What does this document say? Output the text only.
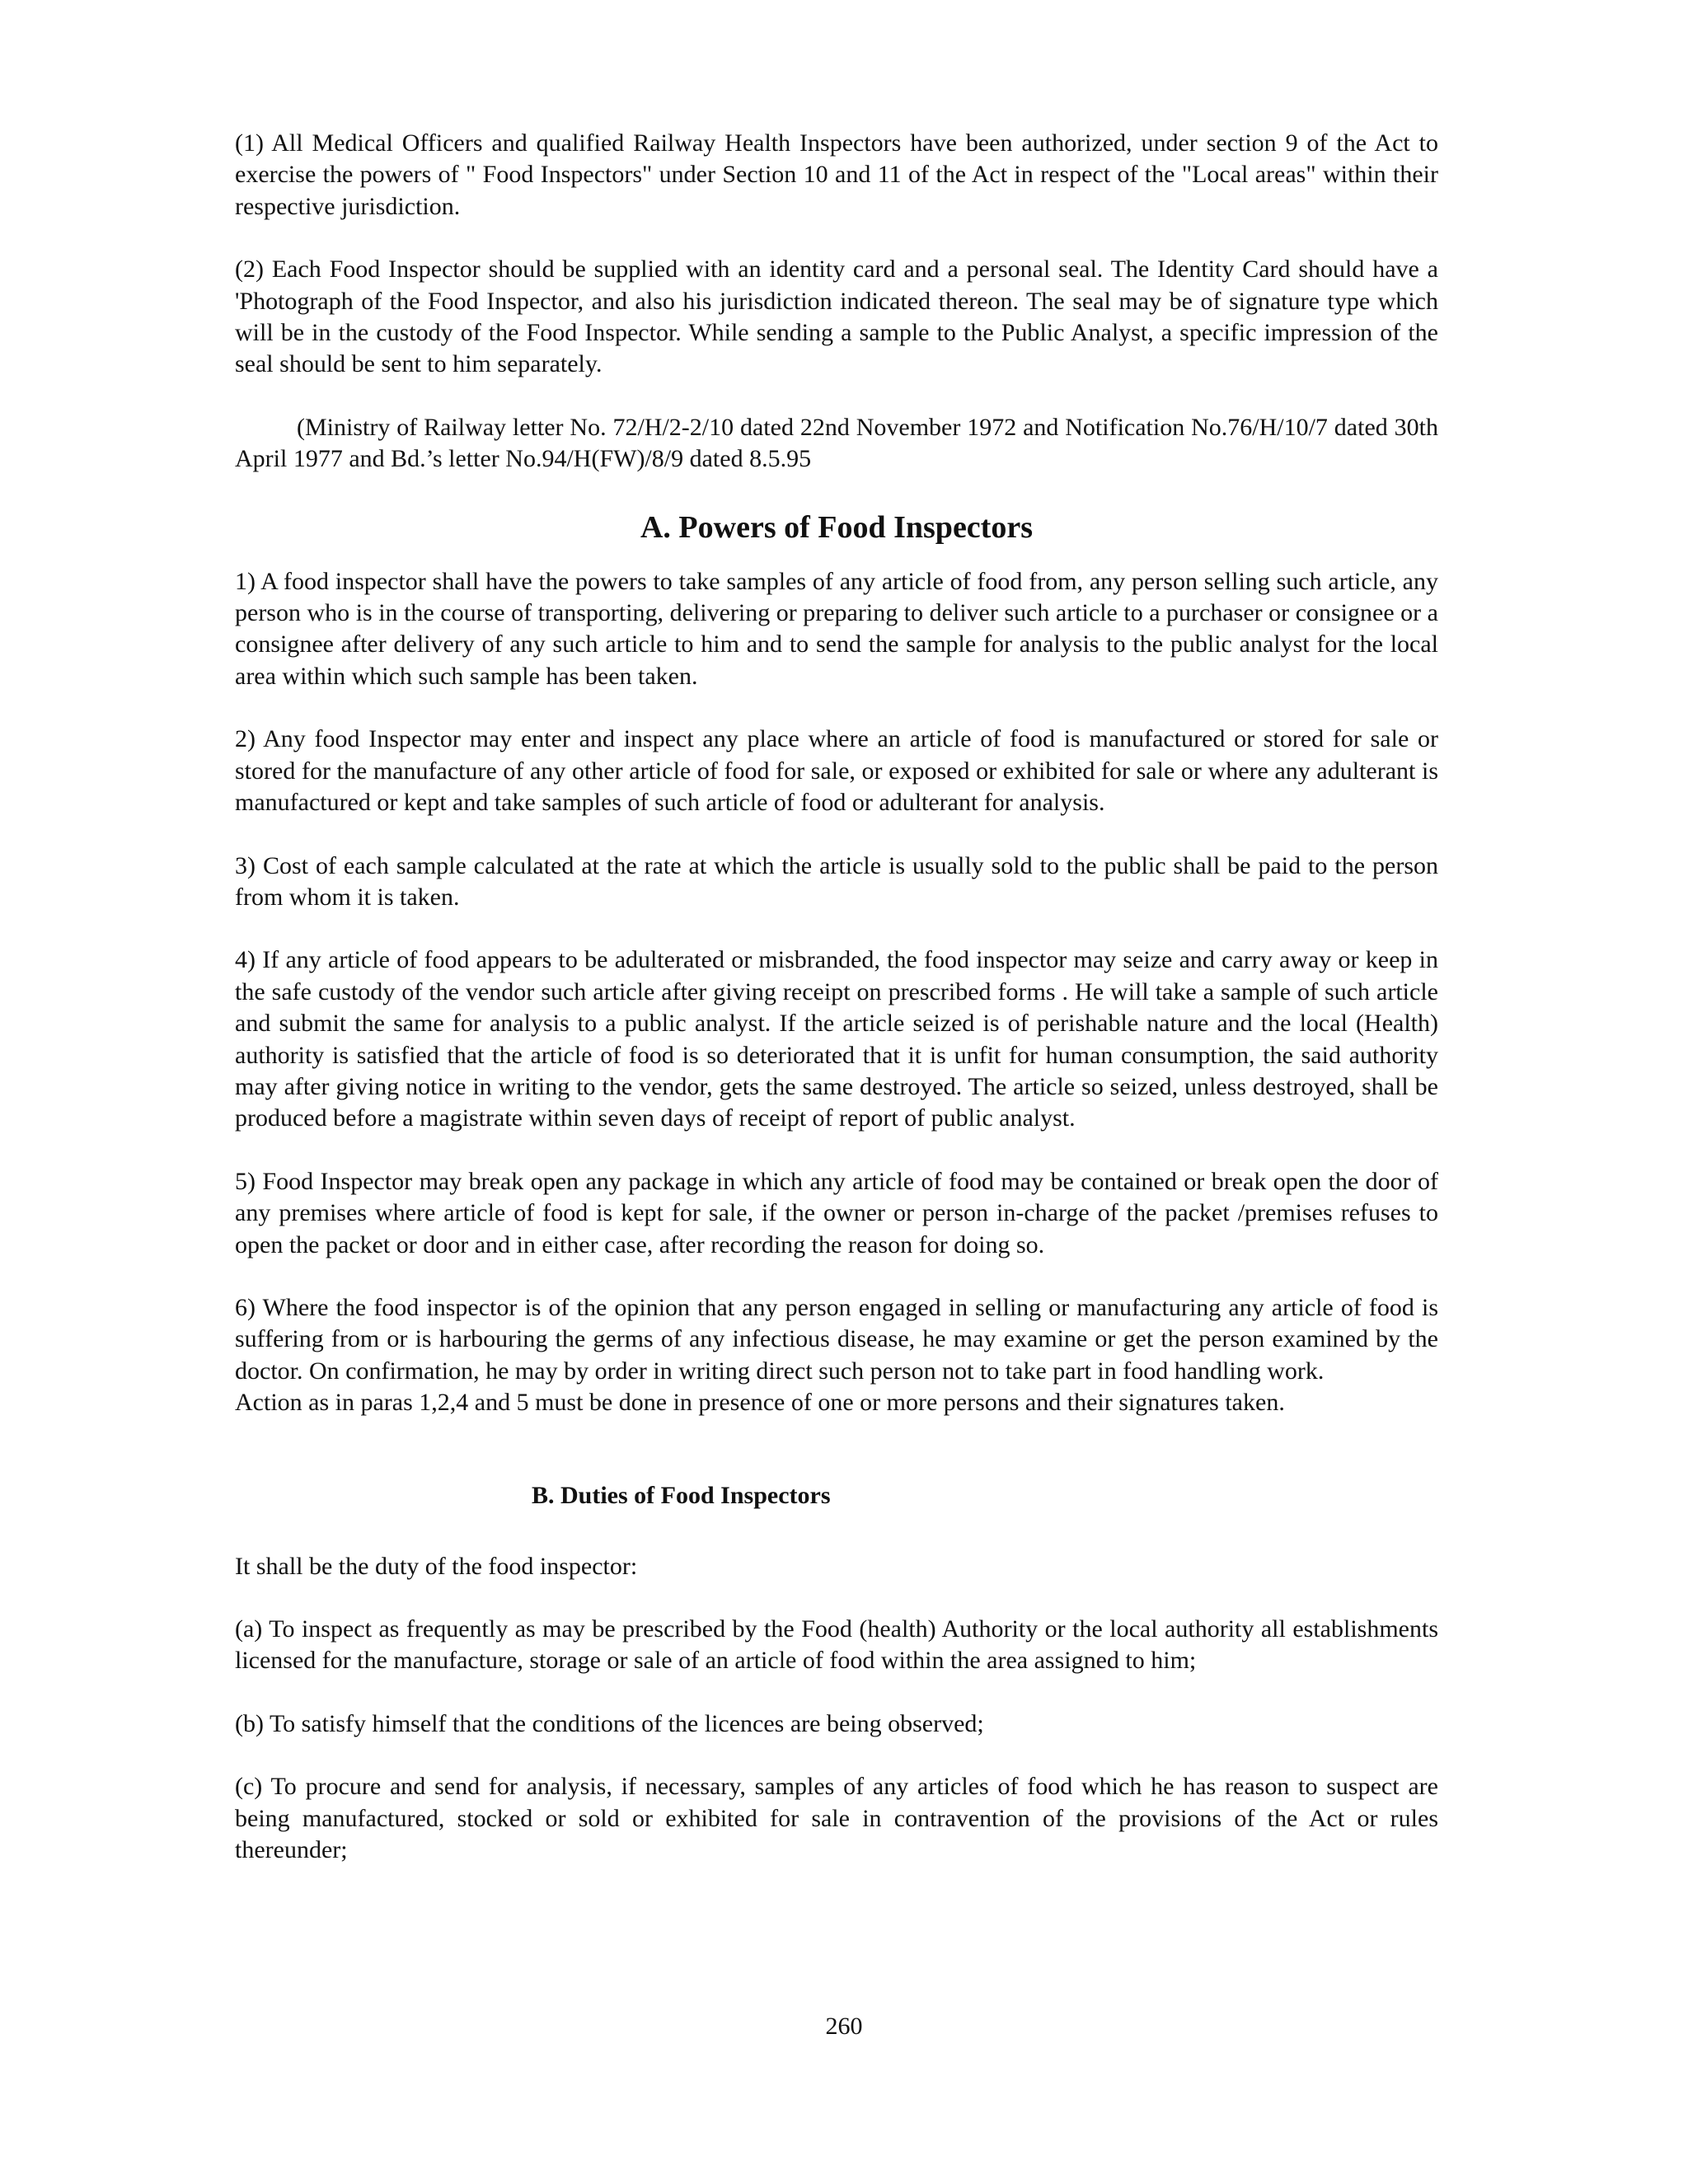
(1) All Medical Officers and qualified Railway Health Inspectors have been authorized, under section 9 of the Act to exercise the powers of " Food Inspectors" under Section 10 and 11 of the Act in respect of the "Local areas" within their respective jurisdiction.

(2) Each Food Inspector should be supplied with an identity card and a personal seal. The Identity Card should have a 'Photograph of the Food Inspector, and also his jurisdiction indicated thereon. The seal may be of signature type which will be in the custody of the Food Inspector. While sending a sample to the Public Analyst, a specific impression of the seal should be sent to him separately.

(Ministry of Railway letter No. 72/H/2-2/10 dated 22nd November 1972 and Notification No.76/H/10/7 dated 30th April 1977 and Bd.’s letter No.94/H(FW)/8/9 dated 8.5.95

A. Powers of Food Inspectors

1) A food inspector shall have the powers to take samples of any article of food from, any person selling such article, any person who is in the course of transporting, delivering or preparing to deliver such article to a purchaser or consignee or a consignee after delivery of any such article to him and to send the sample for analysis to the public analyst for the local area within which such sample has been taken.

2) Any food Inspector may enter and inspect any place where an article of food is manufactured or stored for sale or stored for the manufacture of any other article of food for sale, or exposed or exhibited for sale or where any adulterant is manufactured or kept and take samples of such article of food or adulterant for analysis.

3) Cost of each sample calculated at the rate at which the article is usually sold to the public shall be paid to the person from whom it is taken.

4) If any article of food appears to be adulterated or misbranded, the food inspector may seize and carry away or keep in the safe custody of the vendor such article after giving receipt on prescribed forms . He will take a sample of such article and submit the same for analysis to a public analyst. If the article seized is of perishable nature and the local (Health) authority is satisfied that the article of food is so deteriorated that it is unfit for human consumption, the said authority may after giving notice in writing to the vendor, gets the same destroyed. The article so seized, unless destroyed, shall be produced before a magistrate within seven days of receipt of report of public analyst.

5) Food Inspector may break open any package in which any article of food may be contained or break open the door of any premises where article of food is kept for sale, if the owner or person in-charge of the packet /premises refuses to open the packet or door and in either case, after recording the reason for doing so.

6) Where the food inspector is of the opinion that any person engaged in selling or manufacturing any article of food is suffering from or is harbouring the germs of any infectious disease, he may examine or get the person examined by the doctor. On confirmation, he may by order in writing direct such person not to take part in food handling work.

Action as in paras 1,2,4 and 5 must be done in presence of one or more persons and their signatures taken.

B. Duties of Food Inspectors

It shall be the duty of the food inspector:

(a) To inspect as frequently as may be prescribed by the Food (health) Authority or the local authority all establishments licensed for the manufacture, storage or sale of an article of food within the area assigned to him;

(b) To satisfy himself that the conditions of the licences are being observed;

(c) To procure and send for analysis, if necessary, samples of any articles of food which he has reason to suspect are being manufactured, stocked or sold or exhibited for sale in contravention of the provisions of the Act or rules thereunder;

260
